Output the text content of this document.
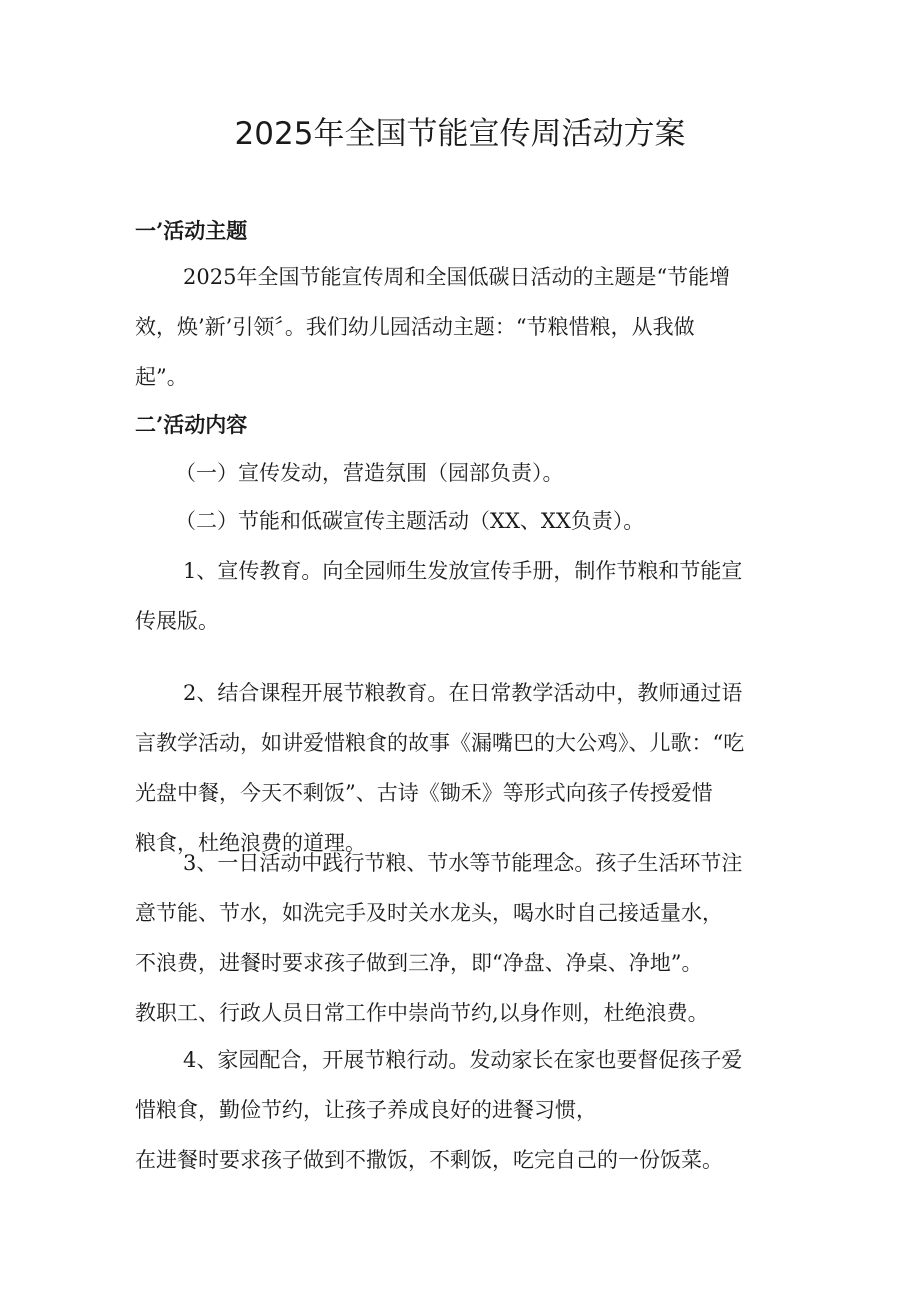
2025年全国节能宣传周活动方案
一’活动主题
2025年全国节能宣传周和全国低碳日活动的主题是“节能增
效，焕’新’引领〞。我们幼儿园活动主题：“节粮惜粮，从我做
起”。
二’活动内容
（一）宣传发动，营造氛围（园部负责）。
（二）节能和低碳宣传主题活动（XX、XX负责）。
1、宣传教育。向全园师生发放宣传手册，制作节粮和节能宣
传展版。
2、结合课程开展节粮教育。在日常教学活动中，教师通过语
言教学活动，如讲爱惜粮食的故事《漏嘴巴的大公鸡》、儿歌：“吃
光盘中餐，今天不剩饭”、古诗《锄禾》等形式向孩子传授爱惜
粮食，杜绝浪费的道理。
3、一日活动中践行节粮、节水等节能理念。孩子生活环节注
意节能、节水，如洗完手及时关水龙头，喝水时自己接适量水，
不浪费，进餐时要求孩子做到三净，即“净盘、净桌、净地”。
教职工、行政人员日常工作中崇尚节约,以身作则，杜绝浪费。
4、家园配合，开展节粮行动。发动家长在家也要督促孩子爱
惜粮食，勤俭节约，让孩子养成良好的进餐习惯，
在进餐时要求孩子做到不撒饭，不剩饭，吃完自己的一份饭菜。
